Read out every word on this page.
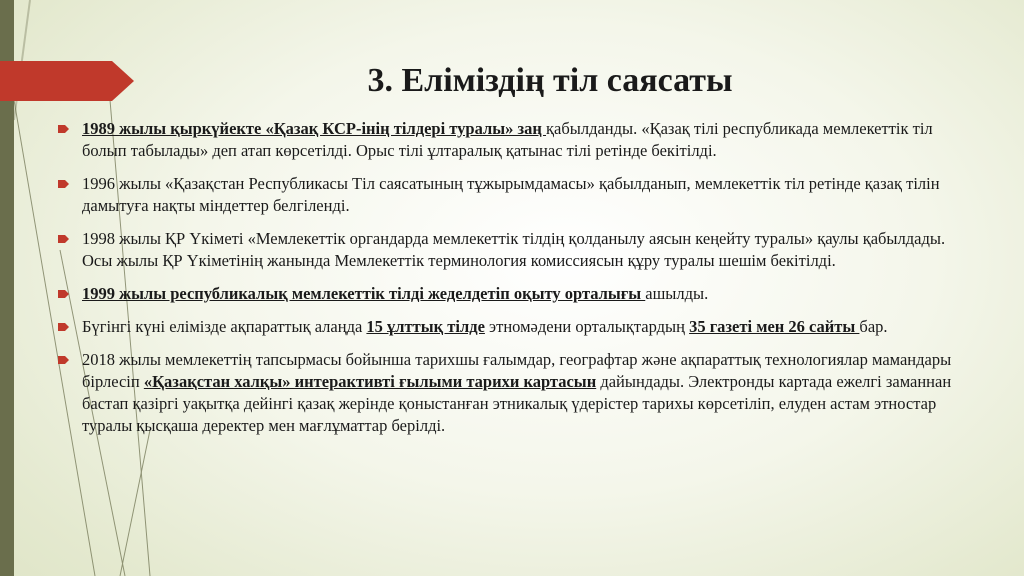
3. Еліміздің тіл саясаты
1989 жылы қыркүйекте «Қазақ КСР-інің тілдері туралы» заң қабылданды. «Қазақ тілі республикада мемлекеттік тіл болып табылады» деп атап көрсетілді. Орыс тілі ұлтаралық қатынас тілі ретінде бекітілді.
1996 жылы «Қазақстан Республикасы Тіл саясатының тұжырымдамасы» қабылданып, мемлекеттік тіл ретінде қазақ тілін дамытуға нақты міндеттер белгіленді.
1998 жылы ҚР Үкіметі «Мемлекеттік органдарда мемлекеттік тілдің қолданылу аясын кеңейту туралы» қаулы қабылдады. Осы жылы ҚР Үкіметінің жанында Мемлекеттік терминология комиссиясын құру туралы шешім бекітілді.
1999 жылы республикалық мемлекеттік тілді жеделдетіп оқыту орталығы ашылды.
Бүгінгі күні елімізде ақпараттық алаңда 15 ұлттық тілде этномәдени орталықтардың 35 газеті мен 26 сайты бар.
2018 жылы мемлекеттің тапсырмасы бойынша тарихшы ғалымдар, географтар және ақпараттық технологиялар мамандары бірлесіп «Қазақстан халқы» интерактивті ғылыми тарихи картасын дайындады. Электронды картада ежелгі заманнан бастап қазіргі уақытқа дейінгі қазақ жерінде қоныстанған этникалық үдерістер тарихы көрсетіліп, елуден астам этностар туралы қысқаша деректер мен мағлұматтар берілді.
